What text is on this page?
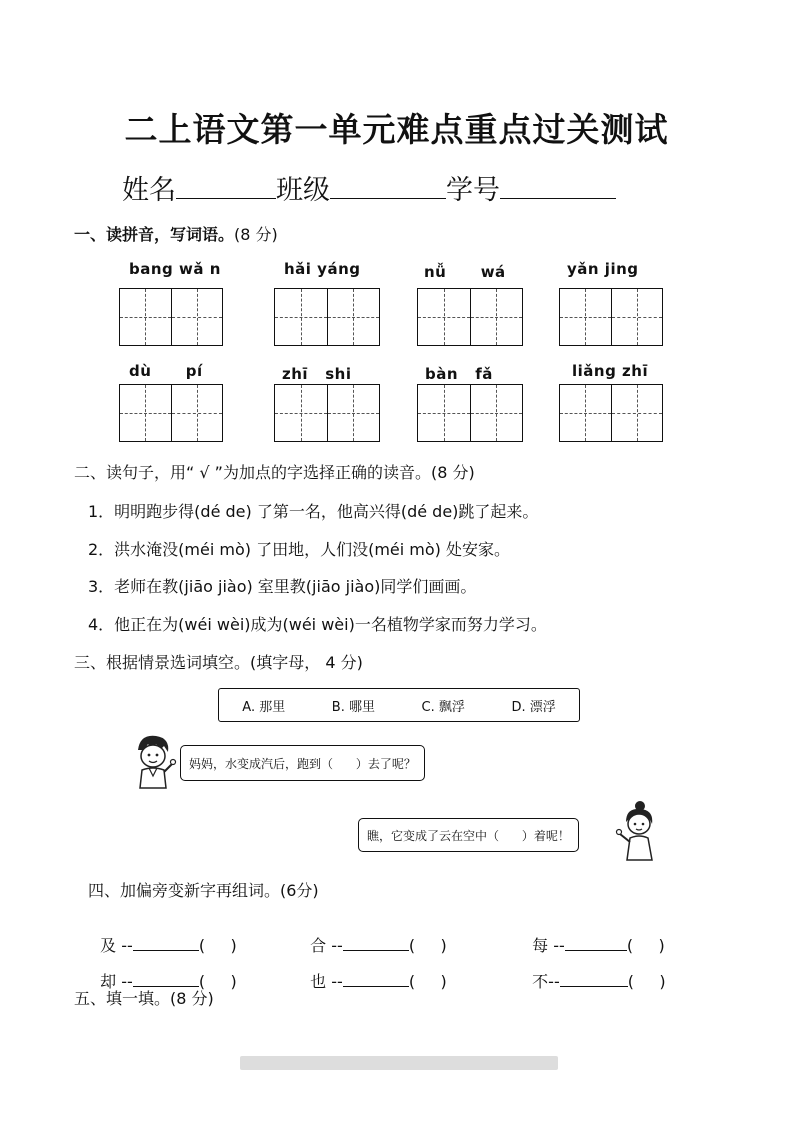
二上语文第一单元难点重点过关测试
姓名	班级	学号
一、读拼音，写词语。(8 分)
bang wǎ n	hǎi yáng	nǚ      wá	yǎn jing
dù      pí	zhī   shi	bàn   fǎ	liǎng zhī
二、读句子，用“ √ ”为加点的字选择正确的读音。(8 分)
1．明明跑步得(dé de) 了第一名，他高兴得(dé de)跳了起来。
2．洪水淹没(méi mò) 了田地，人们没(méi mò) 处安家。
3．老师在教(jiāo jiào) 室里教(jiāo jiào)同学们画画。
4．他正在为(wéi wèi)成为(wéi wèi)一名植物学家而努力学习。
三、根据情景选词填空。(填字母， 4 分)
A. 那里	B. 哪里	C. 飘浮	D. 漂浮
妈妈，水变成汽后，跑到（      ）去了呢？
瞧，它变成了云在空中（      ）着呢！
四、加偏旁变新字再组词。(6分)

及 --	(     )	合 --	(     )	每 --	(     )

却 --	(     )	也 --	(     )	不--	(     )

五、填一填。(8 分)
